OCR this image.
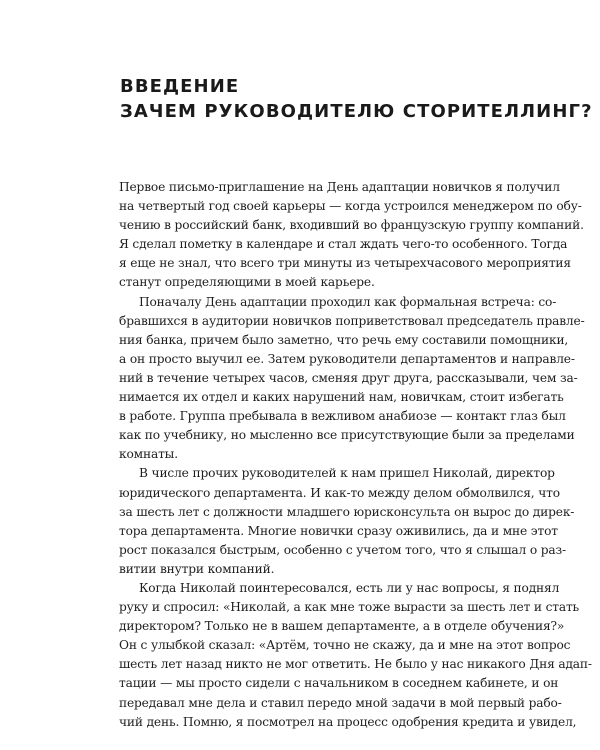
ВВЕДЕНИЕ
ЗАЧЕМ РУКОВОДИТЕЛЮ СТОРИТЕЛЛИНГ?
Первое письмо-приглашение на День адаптации новичков я получил
на четвертый год своей карьеры — когда устроился менеджером по обу-
чению в российский банк, входивший во французскую группу компаний.
Я сделал пометку в календаре и стал ждать чего-то особенного. Тогда
я еще не знал, что всего три минуты из четырехчасового мероприятия
станут определяющими в моей карьере.
Поначалу День адаптации проходил как формальная встреча: со-
бравшихся в аудитории новичков поприветствовал председатель правле-
ния банка, причем было заметно, что речь ему составили помощники,
а он просто выучил ее. Затем руководители департаментов и направле-
ний в течение четырех часов, сменяя друг друга, рассказывали, чем за-
нимается их отдел и каких нарушений нам, новичкам, стоит избегать
в работе. Группа пребывала в вежливом анабиозе — контакт глаз был
как по учебнику, но мысленно все присутствующие были за пределами
комнаты.
В числе прочих руководителей к нам пришел Николай, директор
юридического департамента. И как-то между делом обмолвился, что
за шесть лет с должности младшего юрисконсульта он вырос до дирек-
тора департамента. Многие новички сразу оживились, да и мне этот
рост показался быстрым, особенно с учетом того, что я слышал о раз-
витии внутри компаний.
Когда Николай поинтересовался, есть ли у нас вопросы, я поднял
руку и спросил: «Николай, а как мне тоже вырасти за шесть лет и стать
директором? Только не в вашем департаменте, а в отделе обучения?»
Он с улыбкой сказал: «Артём, точно не скажу, да и мне на этот вопрос
шесть лет назад никто не мог ответить. Не было у нас никакого Дня адап-
тации — мы просто сидели с начальником в соседнем кабинете, и он
передавал мне дела и ставил передо мной задачи в мой первый рабо-
чий день. Помню, я посмотрел на процесс одобрения кредита и увидел,
